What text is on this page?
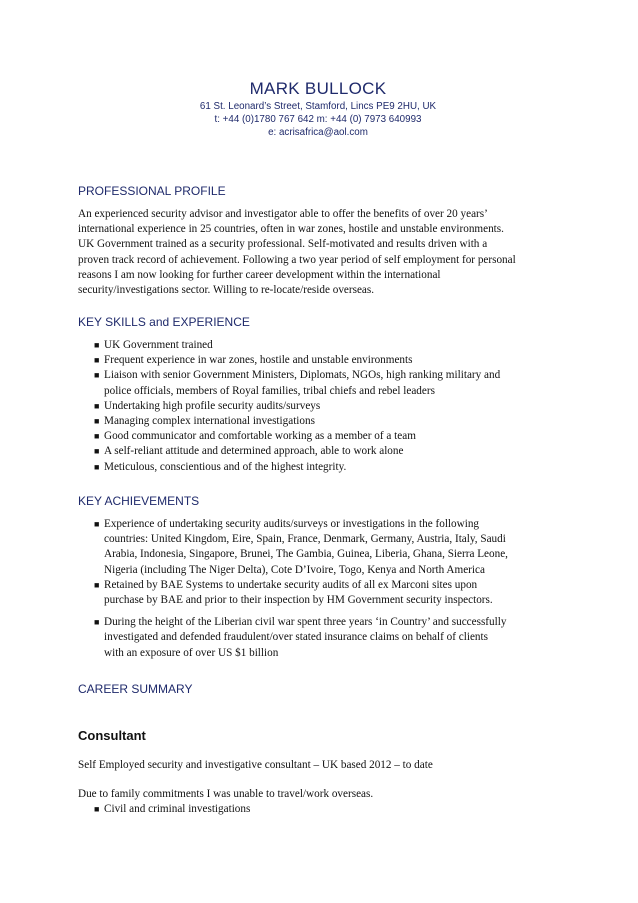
MARK BULLOCK
61 St. Leonard’s Street, Stamford, Lincs PE9 2HU, UK
t: +44 (0)1780 767 642 m: +44 (0) 7973 640993
e: acrisafrica@aol.com
PROFESSIONAL PROFILE
An experienced security advisor and investigator able to offer the benefits of over 20 years’
international experience in 25 countries, often in war zones, hostile and unstable environments.
UK Government trained as a security professional. Self-motivated and results driven with a
proven track record of achievement. Following a two year period of self employment for personal
reasons I am now looking for further career development within the international
security/investigations sector. Willing to re-locate/reside overseas.
KEY SKILLS and EXPERIENCE
■ UK Government trained
■ Frequent experience in war zones, hostile and unstable environments
■ Liaison with senior Government Ministers, Diplomats, NGOs, high ranking military and
police officials, members of Royal families, tribal chiefs and rebel leaders
■ Undertaking high profile security audits/surveys
■ Managing complex international investigations
■ Good communicator and comfortable working as a member of a team
■ A self-reliant attitude and determined approach, able to work alone
■ Meticulous, conscientious and of the highest integrity.
KEY ACHIEVEMENTS
■ Experience of undertaking security audits/surveys or investigations in the following
countries: United Kingdom, Eire, Spain, France, Denmark, Germany, Austria, Italy, Saudi
Arabia, Indonesia, Singapore, Brunei, The Gambia, Guinea, Liberia, Ghana, Sierra Leone,
Nigeria (including The Niger Delta), Cote D’Ivoire, Togo, Kenya and North America
■ Retained by BAE Systems to undertake security audits of all ex Marconi sites upon
purchase by BAE and prior to their inspection by HM Government security inspectors.
■ During the height of the Liberian civil war spent three years ‘in Country’ and successfully
investigated and defended fraudulent/over stated insurance claims on behalf of clients
with an exposure of over US $1 billion
CAREER SUMMARY
Consultant
Self Employed security and investigative consultant – UK based 2012 – to date
Due to family commitments I was unable to travel/work overseas.
■ Civil and criminal investigations
